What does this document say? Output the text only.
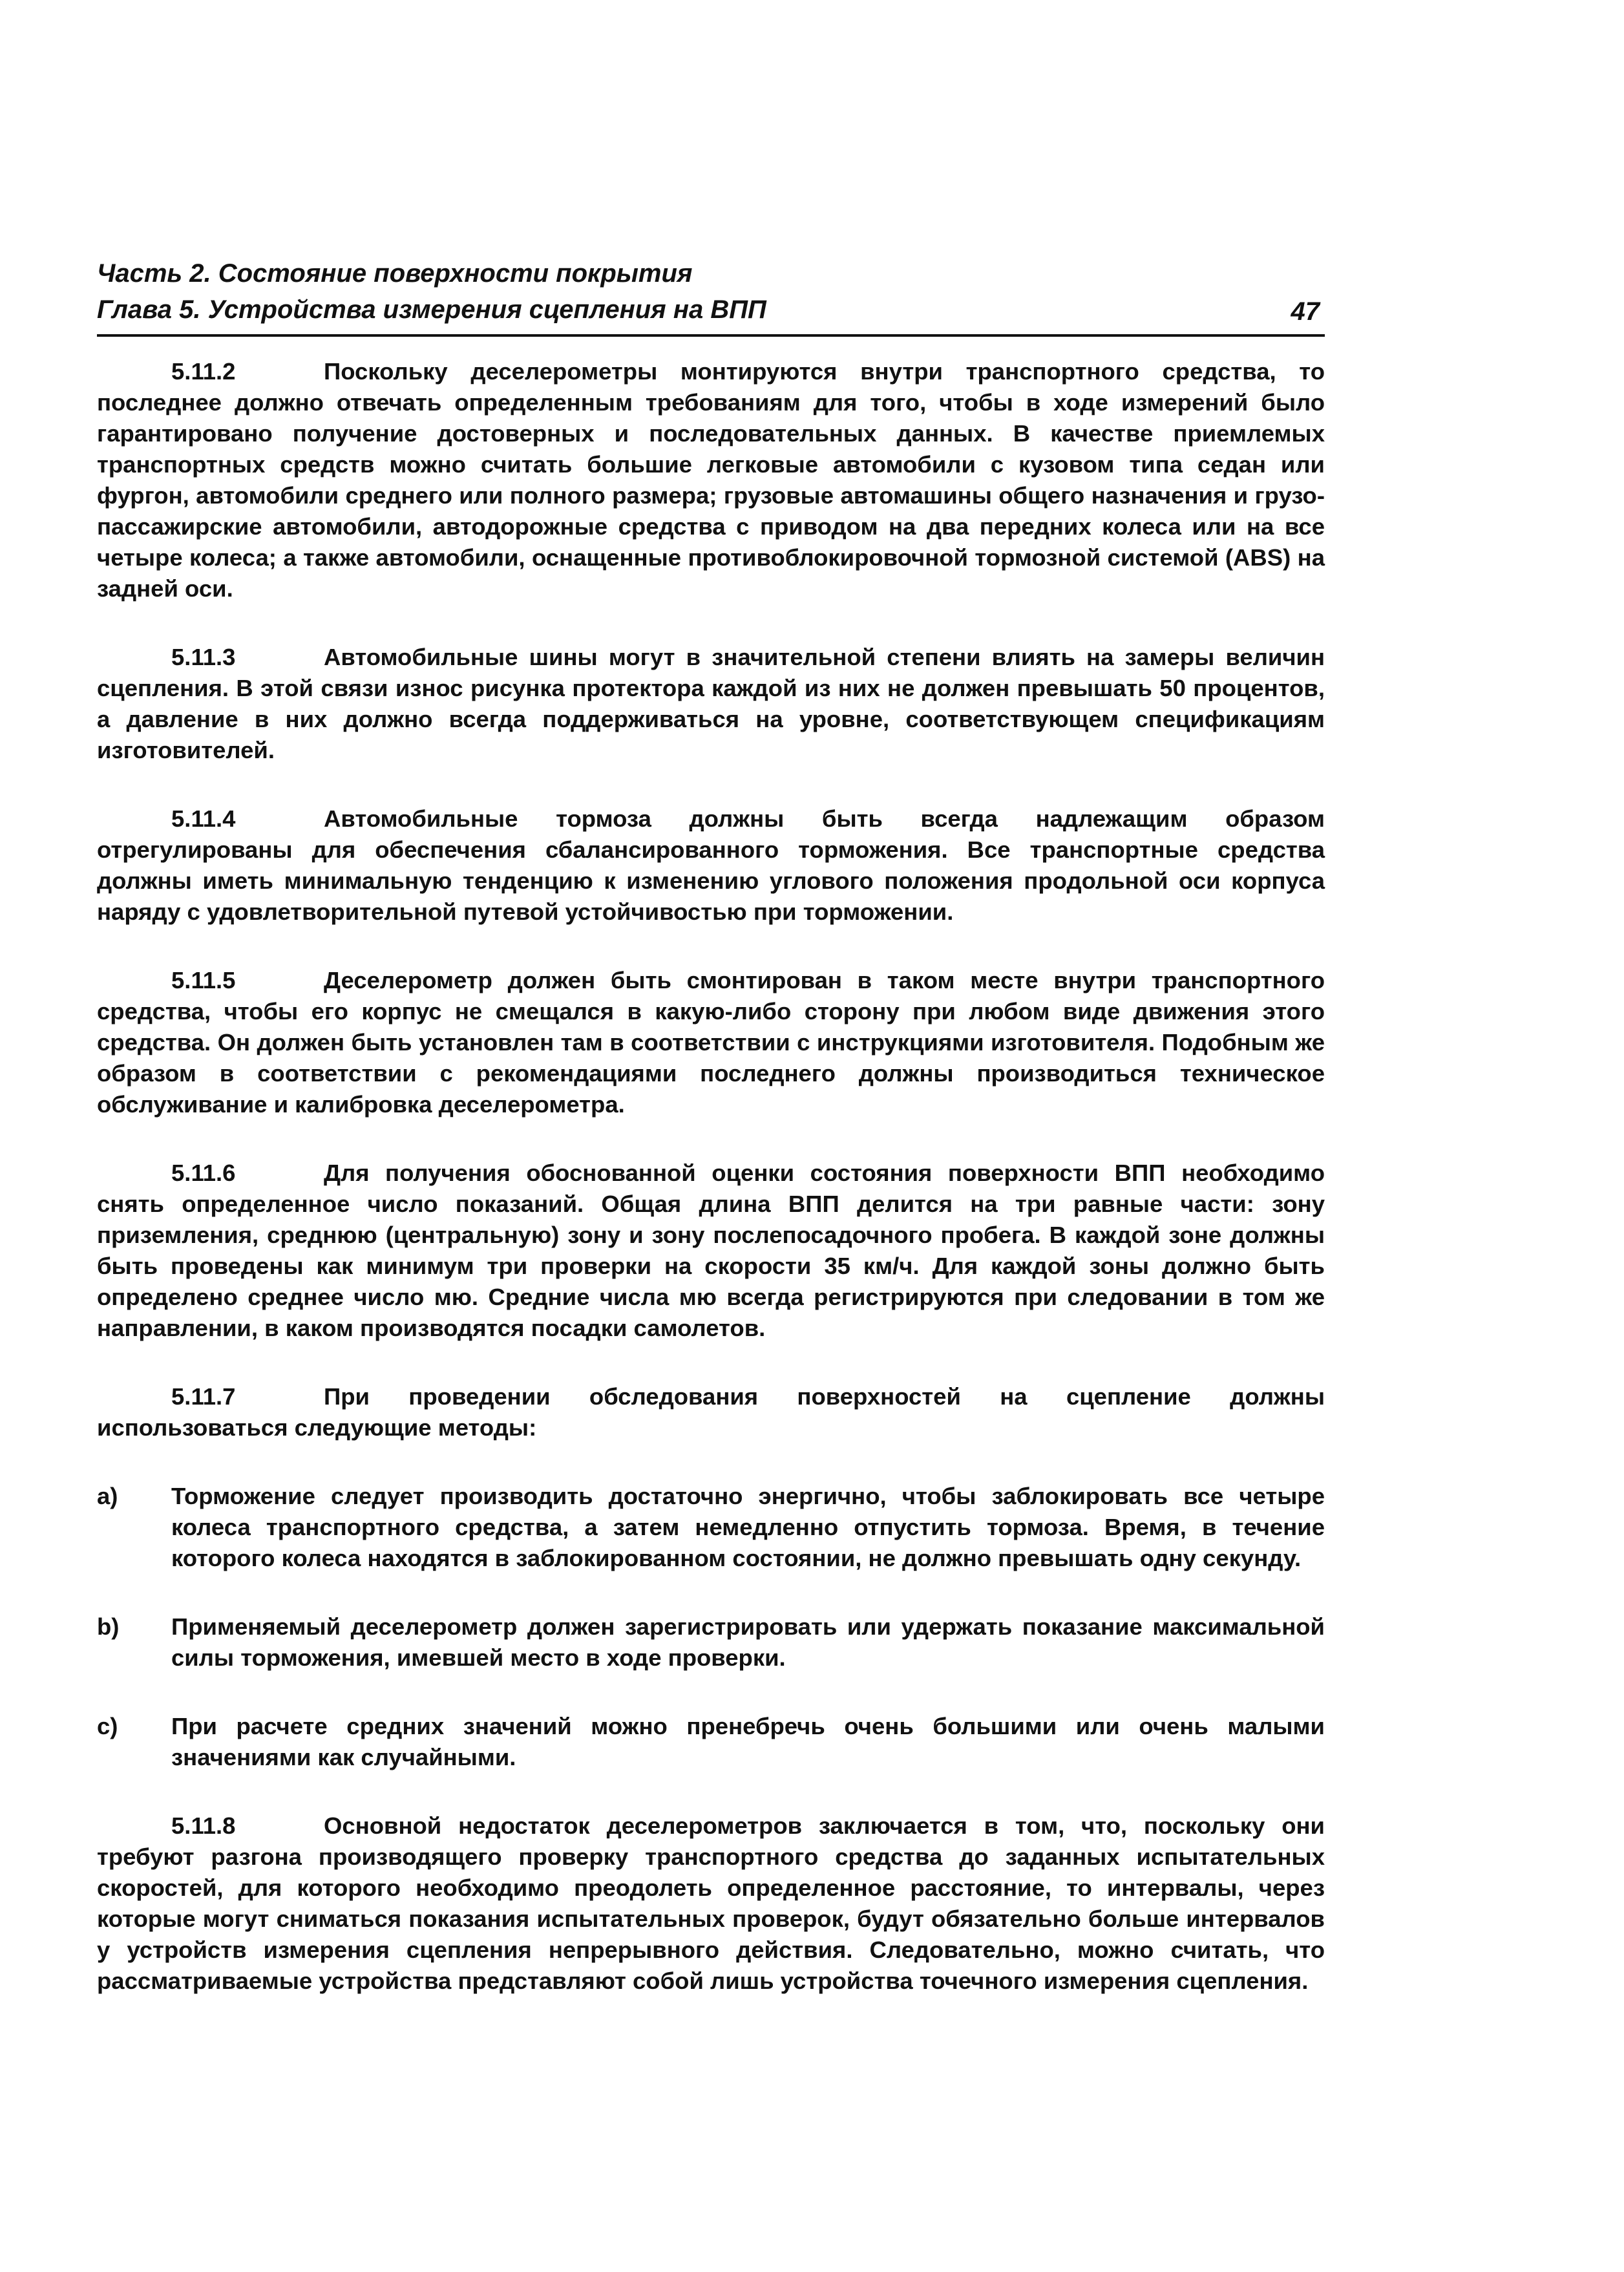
Часть 2. Состояние поверхности покрытия
Глава 5. Устройства измерения сцепления на ВПП	47

5.11.2	Поскольку деселерометры монтируются внутри транспортного средства, то последнее должно отвечать определенным требованиям для того, чтобы в ходе измерений было гарантировано получение достоверных и последовательных данных. В качестве приемлемых транспортных средств можно считать большие легковые автомобили с кузовом типа седан или фургон, автомобили среднего или полного размера; грузовые автомашины общего назначения и грузо-пассажирские автомобили, автодорожные средства с приводом на два передних колеса или на все четыре колеса; а также автомобили, оснащенные противоблокировочной тормозной системой (ABS) на задней оси.

5.11.3	Автомобильные шины могут в значительной степени влиять на замеры величин сцепления. В этой связи износ рисунка протектора каждой из них не должен превышать 50 процентов, а давление в них должно всегда поддерживаться на уровне, соответствующем спецификациям изготовителей.

5.11.4	Автомобильные тормоза должны быть всегда надлежащим образом отрегулированы для обеспечения сбалансированного торможения. Все транспортные средства должны иметь минимальную тенденцию к изменению углового положения продольной оси корпуса наряду с удовлетворительной путевой устойчивостью при торможении.

5.11.5	Деселерометр должен быть смонтирован в таком месте внутри транспортного средства, чтобы его корпус не смещался в какую-либо сторону при любом виде движения этого средства. Он должен быть установлен там в соответствии с инструкциями изготовителя. Подобным же образом в соответствии с рекомендациями последнего должны производиться техническое обслуживание и калибровка деселерометра.

5.11.6	Для получения обоснованной оценки состояния поверхности ВПП необходимо снять определенное число показаний. Общая длина ВПП делится на три равные части: зону приземления, среднюю (центральную) зону и зону послепосадочного пробега. В каждой зоне должны быть проведены как минимум три проверки на скорости 35 км/ч. Для каждой зоны должно быть определено среднее число мю. Средние числа мю всегда регистрируются при следовании в том же направлении, в каком производятся посадки самолетов.

5.11.7	При проведении обследования поверхностей на сцепление должны использоваться следующие методы:

a)	Торможение следует производить достаточно энергично, чтобы заблокировать все четыре колеса транспортного средства, а затем немедленно отпустить тормоза. Время, в течение которого колеса находятся в заблокированном состоянии, не должно превышать одну секунду.
b)	Применяемый деселерометр должен зарегистрировать или удержать показание максимальной силы торможения, имевшей место в ходе проверки.
c)	При расчете средних значений можно пренебречь очень большими или очень малыми значениями как случайными.

5.11.8	Основной недостаток деселерометров заключается в том, что, поскольку они требуют разгона производящего проверку транспортного средства до заданных испытательных скоростей, для которого необходимо преодолеть определенное расстояние, то интервалы, через которые могут сниматься показания испытательных проверок, будут обязательно больше интервалов у устройств измерения сцепления непрерывного действия. Следовательно, можно считать, что рассматриваемые устройства представляют собой лишь устройства точечного измерения сцепления.
